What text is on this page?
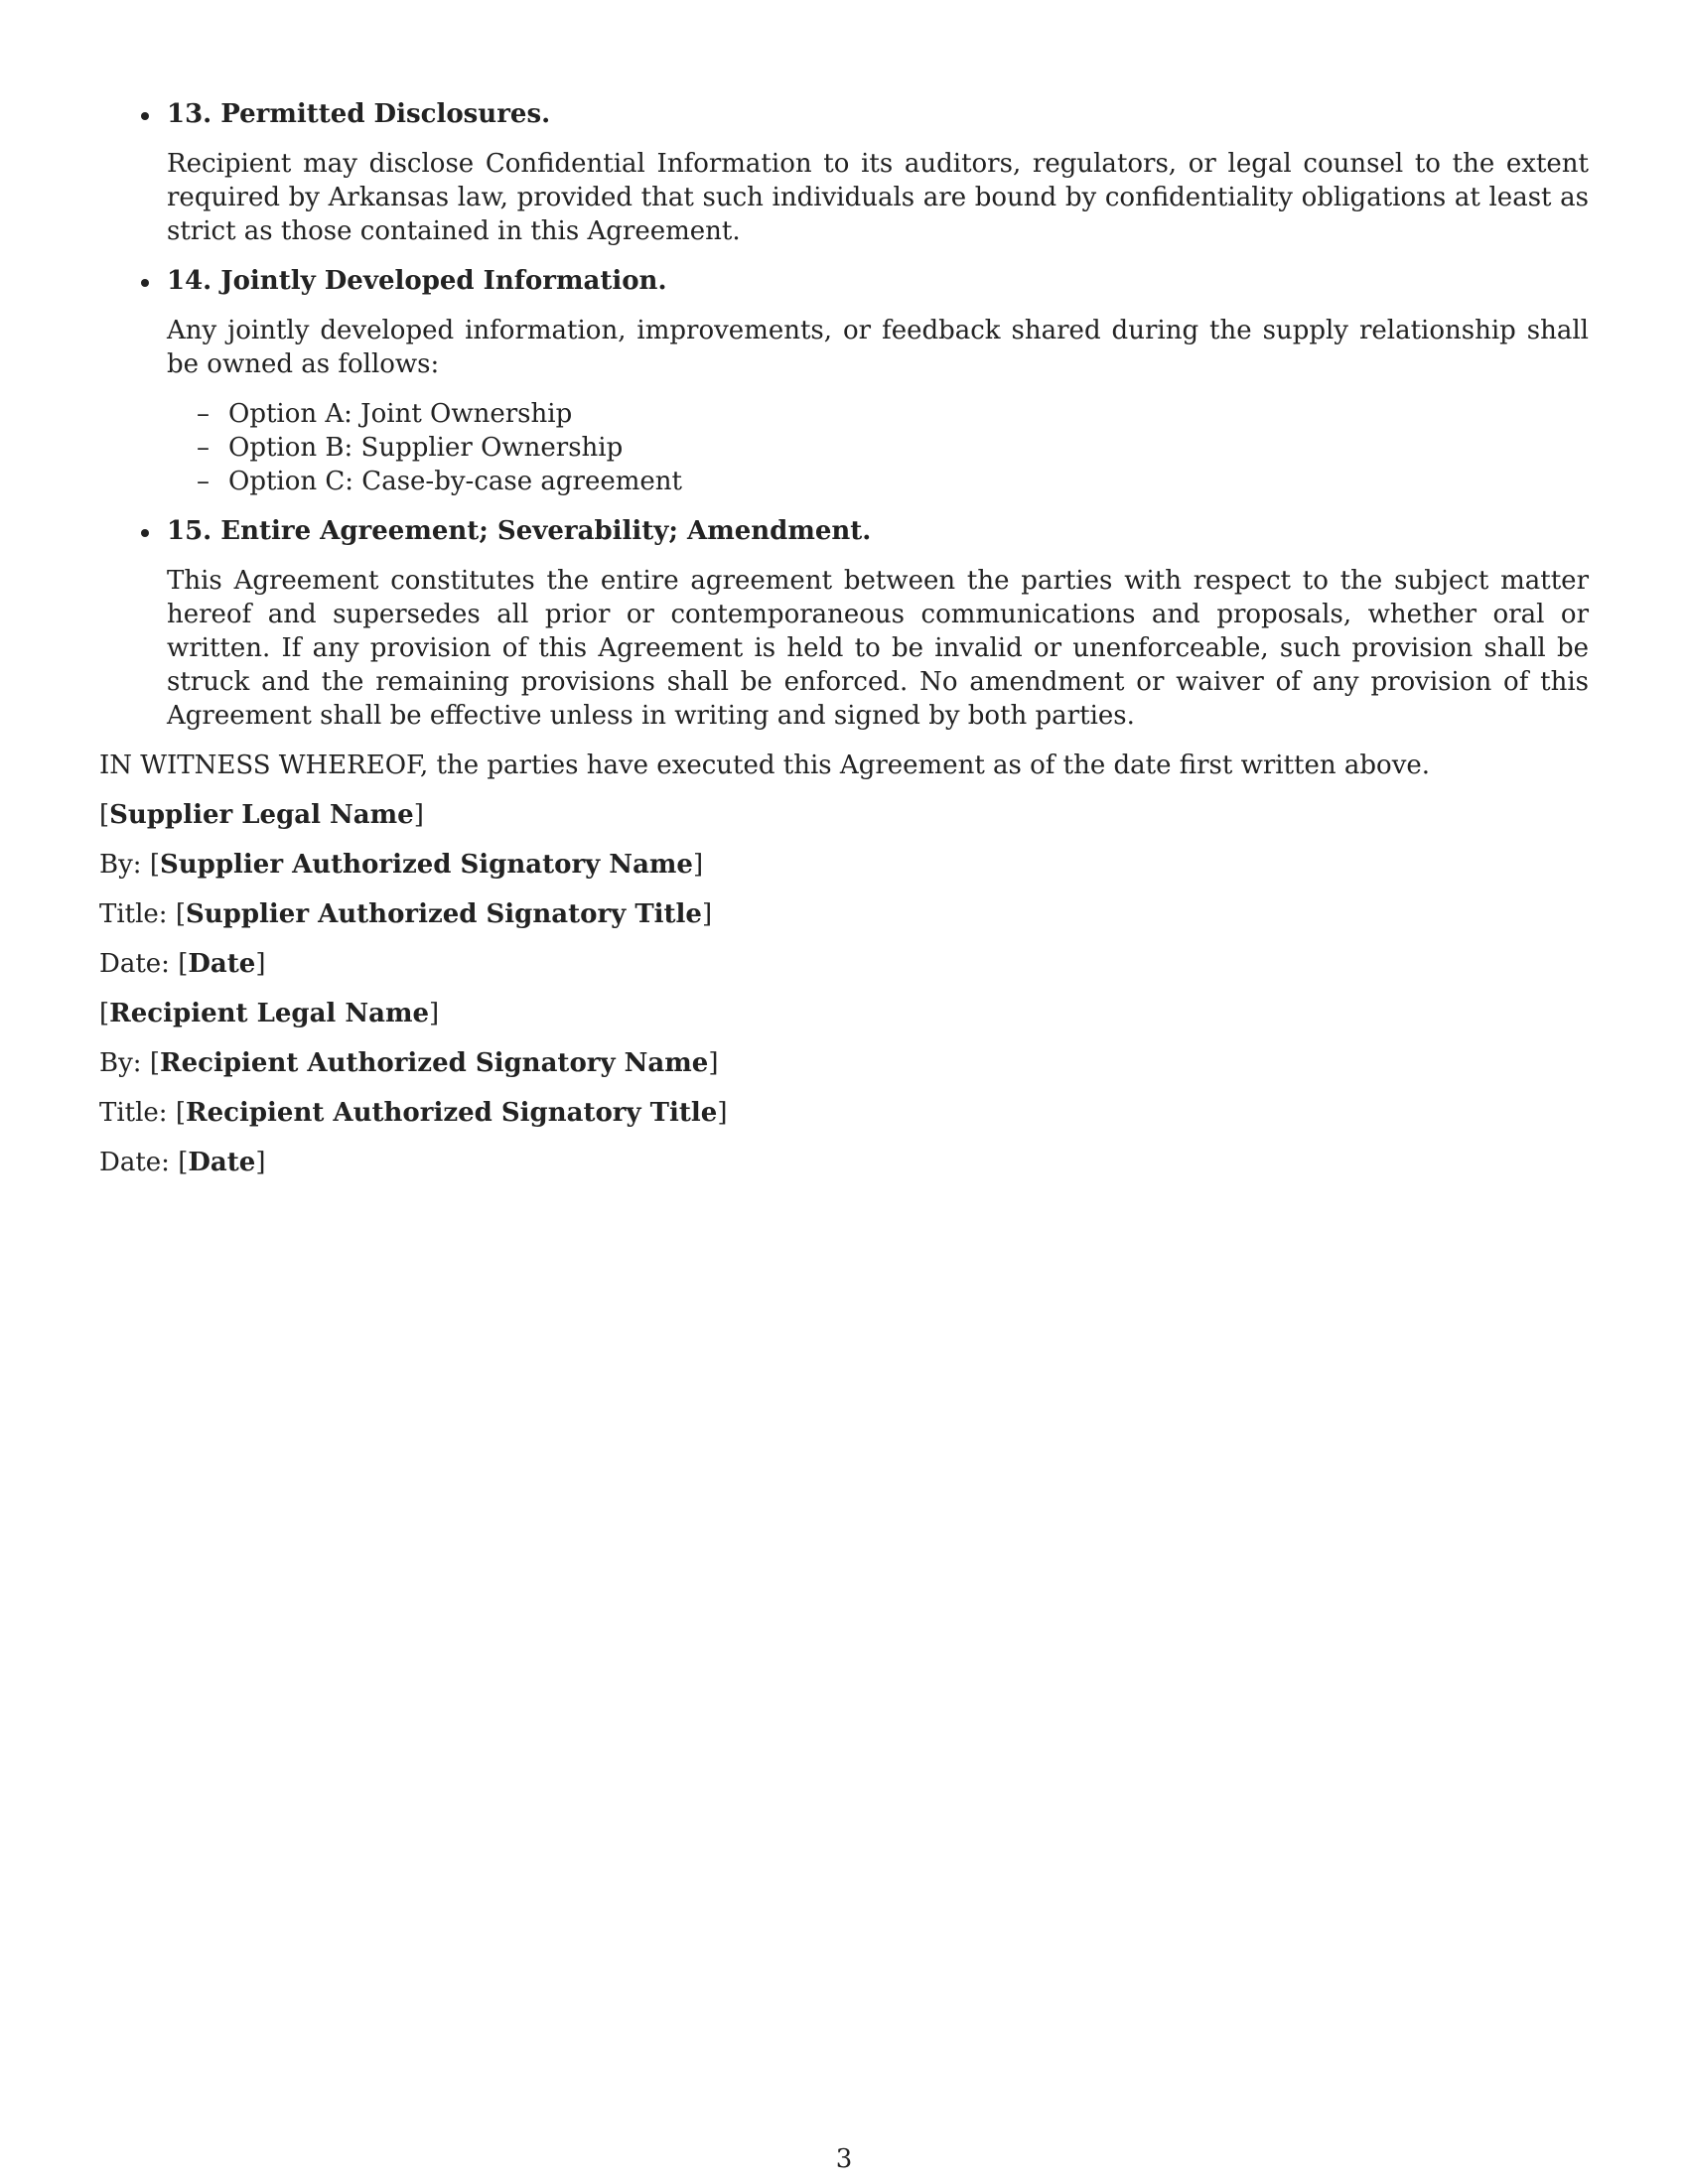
13. Permitted Disclosures.

Recipient may disclose Confidential Information to its auditors, regulators, or legal counsel to the extent required by Arkansas law, provided that such individuals are bound by confidentiality obligations at least as strict as those contained in this Agreement.

14. Jointly Developed Information.

Any jointly developed information, improvements, or feedback shared during the supply relationship shall be owned as follows:

– Option A: Joint Ownership
– Option B: Supplier Ownership
– Option C: Case-by-case agreement
15. Entire Agreement; Severability; Amendment.

This Agreement constitutes the entire agreement between the parties with respect to the subject matter hereof and supersedes all prior or contemporaneous communications and proposals, whether oral or written. If any provision of this Agreement is held to be invalid or unenforceable, such provision shall be struck and the remaining provisions shall be enforced. No amendment or waiver of any provision of this Agreement shall be effective unless in writing and signed by both parties.

IN WITNESS WHEREOF, the parties have executed this Agreement as of the date first written above.

[Supplier Legal Name]

By: [Supplier Authorized Signatory Name]

Title: [Supplier Authorized Signatory Title]

Date: [Date]

[Recipient Legal Name]

By: [Recipient Authorized Signatory Name]

Title: [Recipient Authorized Signatory Title]

Date: [Date]

3
